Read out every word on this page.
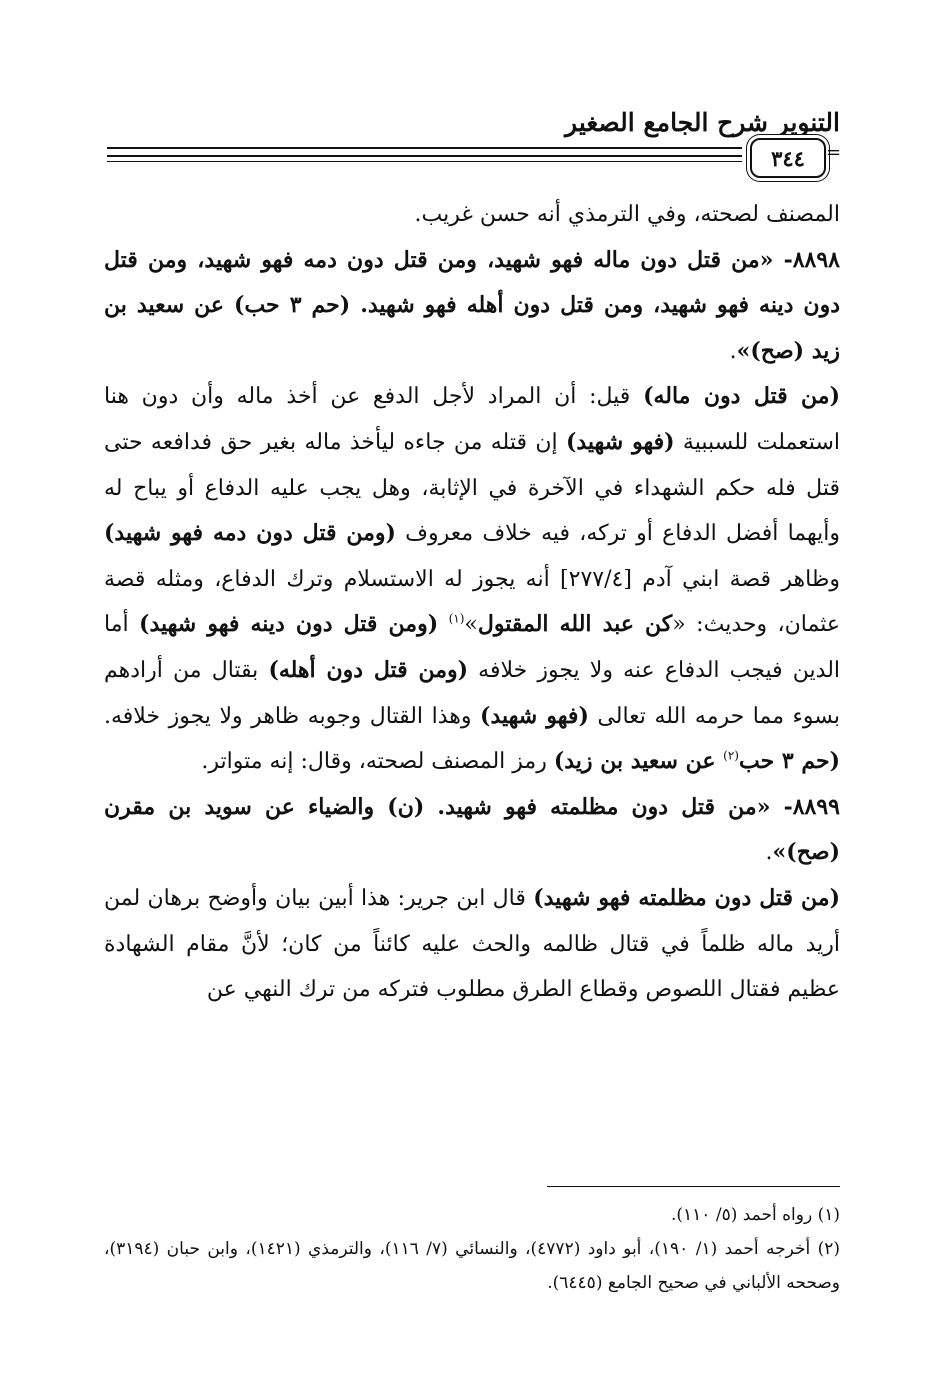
التنوير شرح الجامع الصغير
٣٤٤ =

المصنف لصحته، وفي الترمذي أنه حسن غريب.

٨٨٩٨- «من قتل دون ماله فهو شهيد، ومن قتل دون دمه فهو شهيد، ومن قتل دون دينه فهو شهيد، ومن قتل دون أهله فهو شهيد. (حم ٣ حب) عن سعيد بن زيد (صح)».

(من قتل دون ماله) قيل: أن المراد لأجل الدفع عن أخذ ماله وأن دون هنا استعملت للسببية (فهو شهيد) إن قتله من جاءه ليأخذ ماله بغير حق فدافعه حتى قتل فله حكم الشهداء في الآخرة في الإثابة، وهل يجب عليه الدفاع أو يباح له وأيهما أفضل الدفاع أو تركه، فيه خلاف معروف (ومن قتل دون دمه فهو شهيد) وظاهر قصة ابني آدم [٢٧٧/٤] أنه يجوز له الاستسلام وترك الدفاع، ومثله قصة عثمان، وحديث: «كن عبد الله المقتول»$^{(١)}$ (ومن قتل دون دينه فهو شهيد) أما الدين فيجب الدفاع عنه ولا يجوز خلافه (ومن قتل دون أهله) بقتال من أرادهم بسوء مما حرمه الله تعالى (فهو شهيد) وهذا القتال وجوبه ظاهر ولا يجوز خلافه. (حم ٣ حب$^{(٢)}$ عن سعيد بن زيد) رمز المصنف لصحته، وقال: إنه متواتر.

٨٨٩٩- «من قتل دون مظلمته فهو شهيد. (ن) والضياء عن سويد بن مقرن (صح)».

(من قتل دون مظلمته فهو شهيد) قال ابن جرير: هذا أبين بيان وأوضح برهان لمن أريد ماله ظلماً في قتال ظالمه والحث عليه كائناً من كان؛ لأنَّ مقام الشهادة عظيم فقتال اللصوص وقطاع الطرق مطلوب فتركه من ترك النهي عن

(١) رواه أحمد (٥/ ١١٠).

(٢) أخرجه أحمد (١/ ١٩٠)، أبو داود (٤٧٧٢)، والنسائي (٧/ ١١٦)، والترمذي (١٤٢١)، وابن حبان (٣١٩٤)، وصححه الألباني في صحيح الجامع (٦٤٤٥).
